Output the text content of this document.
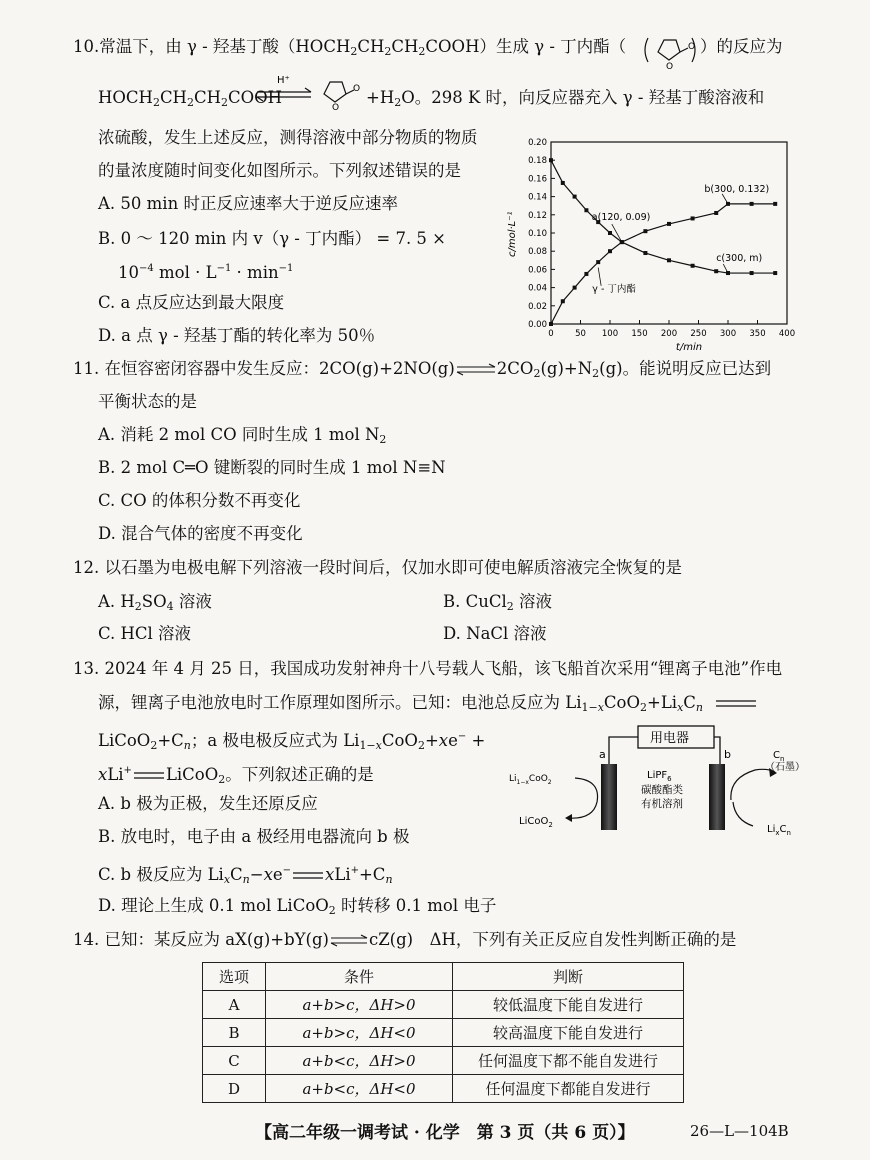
10.常温下，由 γ - 羟基丁酸$(HOCH_2CH_2CH_2COOH)$生成 γ - 丁内酯（	O
O
）的反应为
$HOCH_2CH_2CH_2COOH$
H⁺
O
O
$+H_2O$。298 K 时，向反应器充入 γ - 羟基丁酸溶液和
浓硫酸，发生上述反应，测得溶液中部分物质的物质
的量浓度随时间变化如图所示。下列叙述错误的是
A. 50 min 时正反应速率大于逆反应速率
B. 0 ～ 120 min 内 v（γ - 丁内酯） = 7. 5 ×
$10^{-4}$ mol · $L^{-1} \cdot \min^{-1}$
C. a 点反应达到最大限度
D. a 点 γ - 羟基丁酯的转化率为 50％
0.00
0.02
0.04
0.06
0.08
0.10
0.12
0.14
0.16
0.18
0.20
0	50 100 150 200 250 300 350 400
t/min
c/mol·L⁻¹	a(120, 0.09)
b(300, 0.132)
c(300, m)
γ - 丁内酯
11. 在恒容密闭容器中发生反应：2CO(g)+2NO(g)	$2CO_2(g)+N_2(g)$。能说明反应已达到
平衡状态的是
A. 消耗 2 mol CO 同时生成 1 mol $N_2$
B. 2 mol C═O 键断裂的同时生成 1 mol N≡N
C. CO 的体积分数不再变化
D. 混合气体的密度不再变化
12. 以石墨为电极电解下列溶液一段时间后，仅加水即可使电解质溶液完全恢复的是
A. $H_2SO_4$ 溶液	B. CuCl$_2$ 溶液
C. HCl 溶液	D. NaCl 溶液
13. 2024 年 4 月 25 日，我国成功发射神舟十八号载人飞船，该飞船首次采用“锂离子电池”作电
源，锂离子电池放电时工作原理如图所示。已知：电池总反应为 $Li_{1-x}CoO_2+Li_xC_n$
$LiCoO_2+C_n$；a 极电极反应式为 $Li_{1-x}CoO_2+xe^-$ +
xLi+ LiCoO$_2$。下列叙述正确的是
A. b 极为正极，发生还原反应
B. 放电时，电子由 a 极经用电器流向 b 极
C. b 极反应为 $Li_xC_n-xe^-$ $xLi^++C_n$
D. 理论上生成 0.1 mol LiCoO$_2$ 时转移 0.1 mol 电子
用电器
a	b
LiPF$_6$
碳酸酯类
有机溶剂
$Li_{1-x}CoO_2$
LiCoO$_2$
$C_n$
（石墨）
$Li_xC_n$
14. 已知：某反应为 aX(g)+bY(g) cZ(g)　ΔH，下列有关正反应自发性判断正确的是
选项	条件	判断
A	a+b>c，ΔH>0	较低温度下能自发进行
B	a+b>c，ΔH<0	较高温度下能自发进行
C	a+b<c，ΔH>0	任何温度下都不能自发进行
D	a+b<c，ΔH<0	任何温度下都能自发进行
【高二年级一调考试 · 化学　第 3 页（共 6 页）】	26—L—104B
